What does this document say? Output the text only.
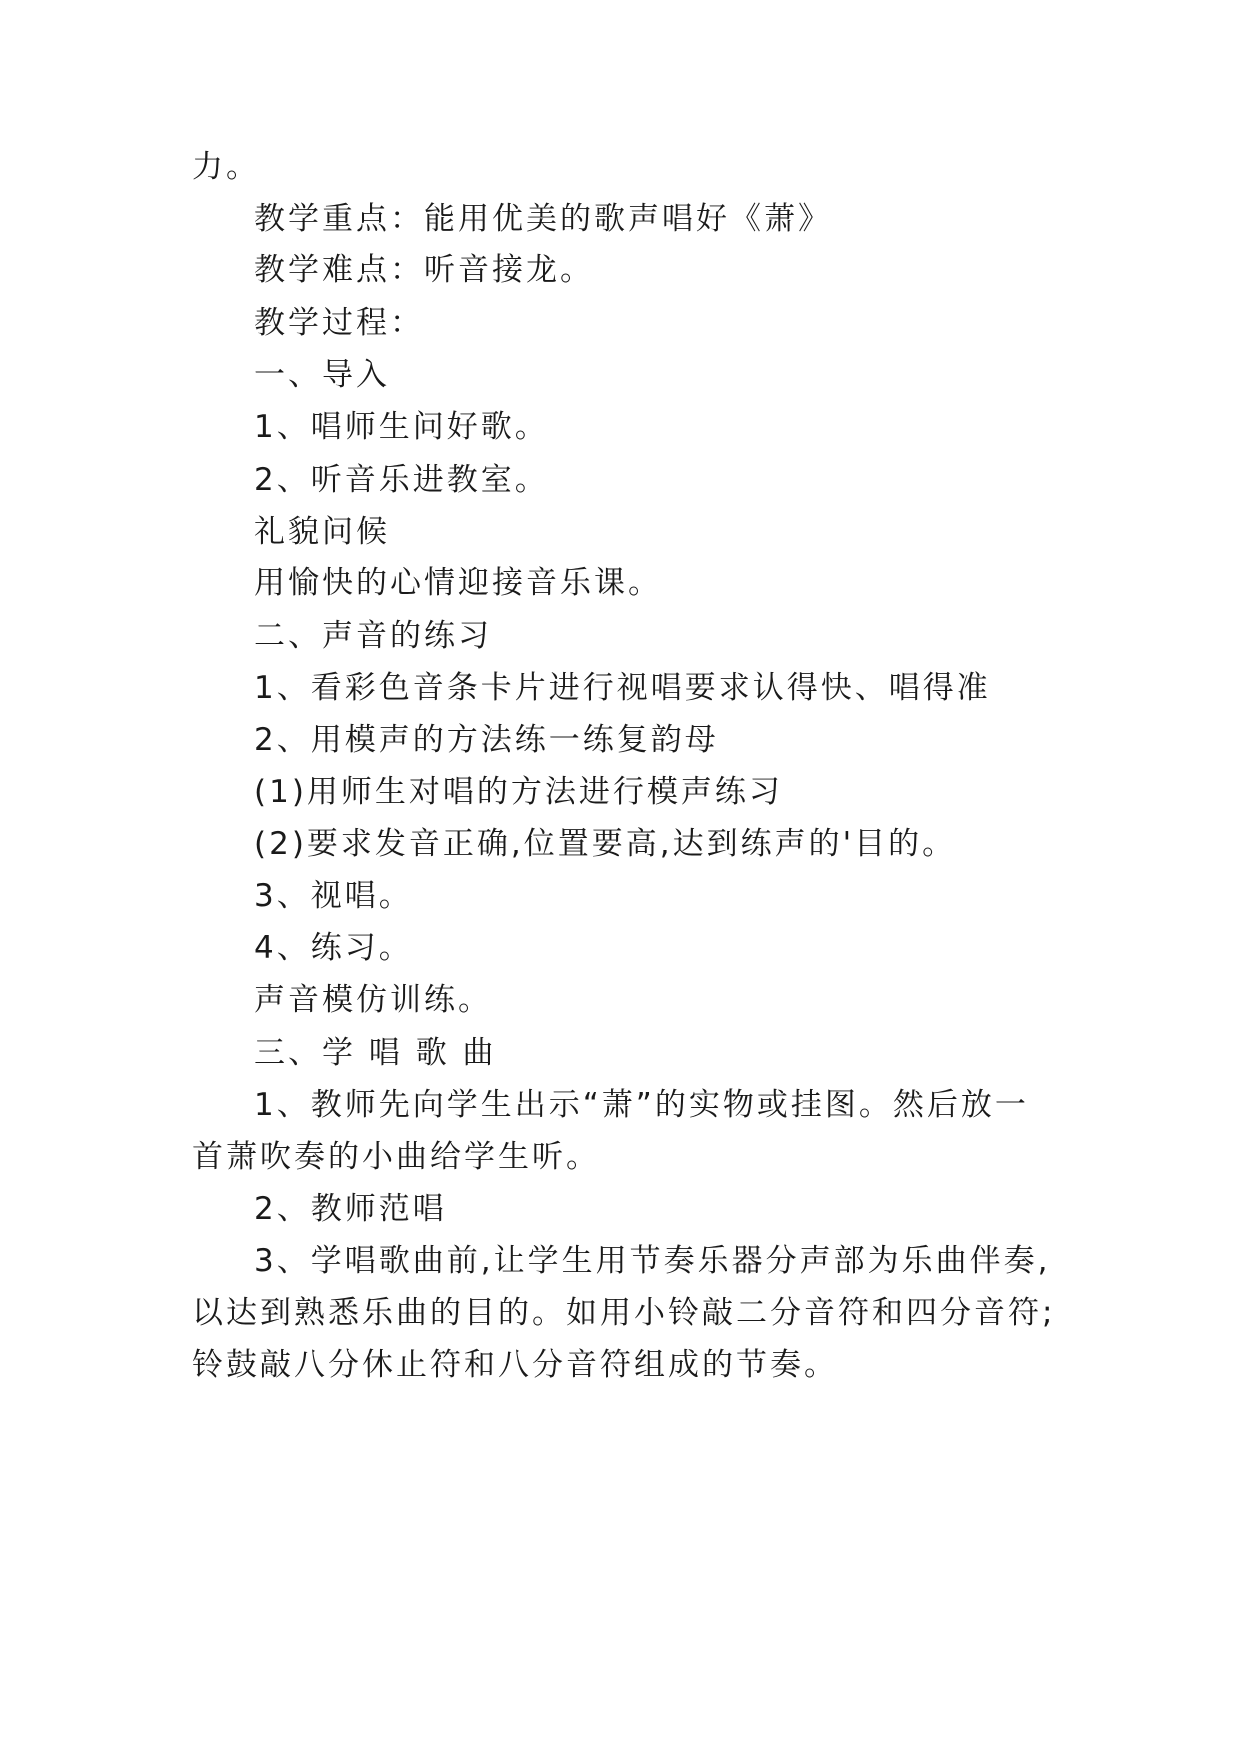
力。
教学重点：能用优美的歌声唱好《萧》
教学难点：听音接龙。
教学过程：
一、导入
1、唱师生问好歌。
2、听音乐进教室。
礼貌问候
用愉快的心情迎接音乐课。
二、声音的练习
1、看彩色音条卡片进行视唱要求认得快、唱得准
2、用模声的方法练一练复韵母
(1)用师生对唱的方法进行模声练习
(2)要求发音正确,位置要高,达到练声的'目的。
3、视唱。
4、练习。
声音模仿训练。
三、学 唱 歌 曲
1、教师先向学生出示“萧”的实物或挂图。然后放一
首萧吹奏的小曲给学生听。
2、教师范唱
3、学唱歌曲前,让学生用节奏乐器分声部为乐曲伴奏,
以达到熟悉乐曲的目的。如用小铃敲二分音符和四分音符;
铃鼓敲八分休止符和八分音符组成的节奏。
